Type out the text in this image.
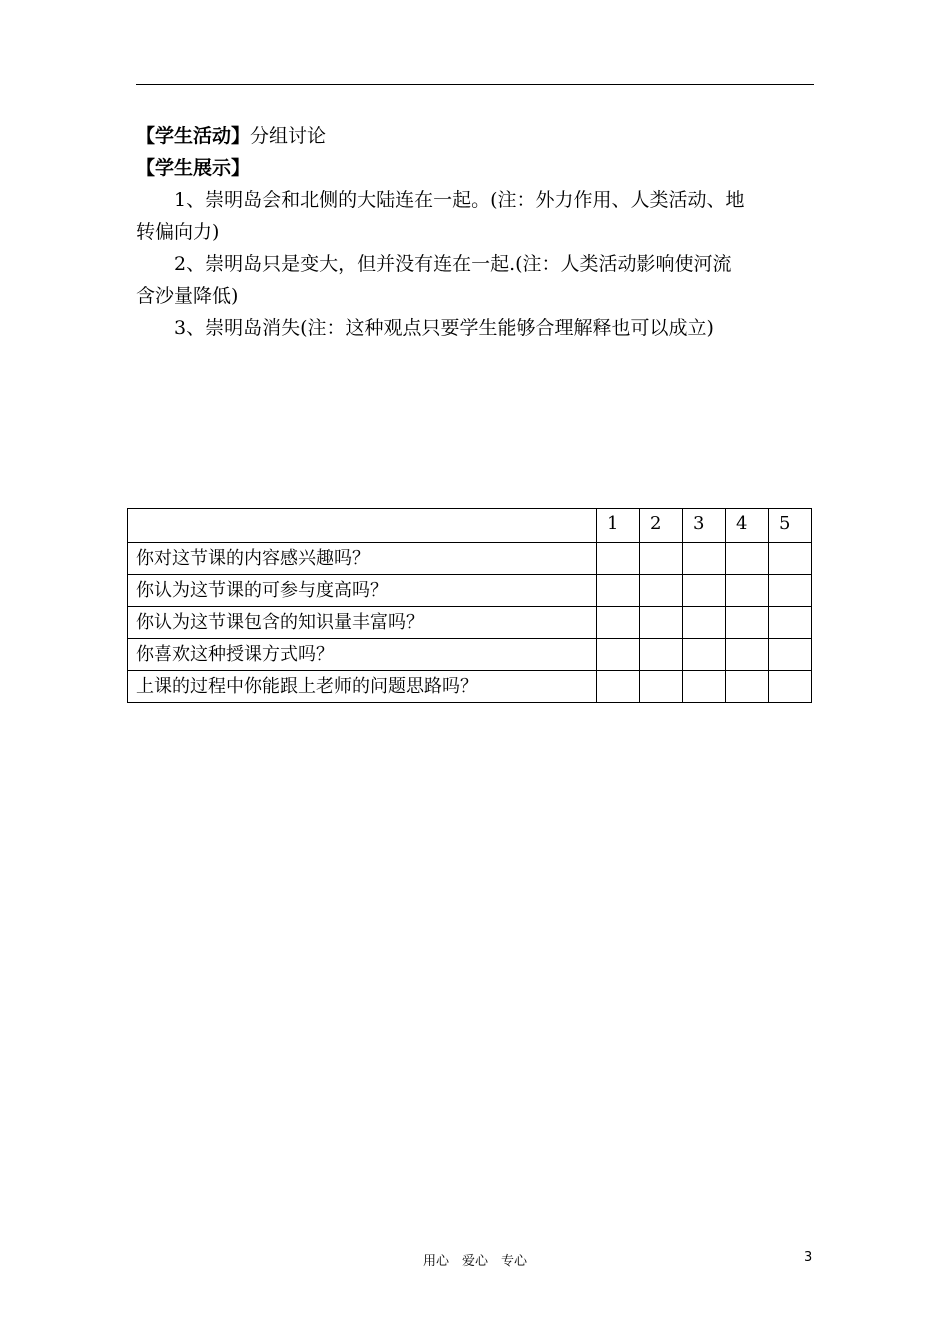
【学生活动】分组讨论
【学生展示】
1、崇明岛会和北侧的大陆连在一起。(注：外力作用、人类活动、地
转偏向力)
2、崇明岛只是变大，但并没有连在一起.(注：人类活动影响使河流
含沙量降低)
3、崇明岛消失(注：这种观点只要学生能够合理解释也可以成立)
	1	2	3	4	5
你对这节课的内容感兴趣吗？					
你认为这节课的可参与度高吗？					
你认为这节课包含的知识量丰富吗？					
你喜欢这种授课方式吗？					
上课的过程中你能跟上老师的问题思路吗？					
用心　爱心　专心	3
